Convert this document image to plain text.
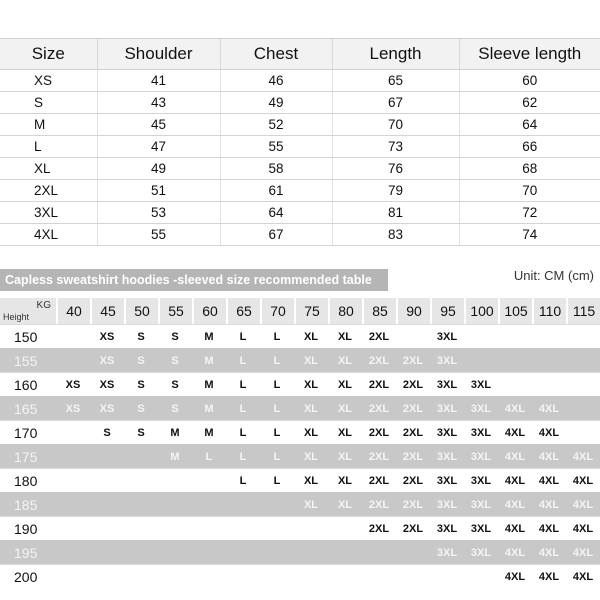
Size	Shoulder	Chest	Length	Sleeve length
XS	41	46	65	60
S	43	49	67	62
M	45	52	70	64
L	47	55	73	66
XL	49	58	76	68
2XL	51	61	79	70
3XL	53	64	81	72
4XL	55	67	83	74
Capless sweatshirt hoodies -sleeved size recommended table	Unit: CM (cm)
KG
Height	40	45	50	55	60	65	70	75	80	85	90	95	100	105	110	115
150		XS	S	S	M	L	L	XL	XL	2XL		3XL				
155		XS	S	S	M	L	L	XL	XL	2XL	2XL	3XL				
160	XS	XS	S	S	M	L	L	XL	XL	2XL	2XL	3XL	3XL			
165	XS	XS	S	S	M	L	L	XL	XL	2XL	2XL	3XL	3XL	4XL	4XL	
170		S	S	M	M	L	L	XL	XL	2XL	2XL	3XL	3XL	4XL	4XL	
175				M	L	L	L	XL	XL	2XL	2XL	3XL	3XL	4XL	4XL	4XL
180						L	L	XL	XL	2XL	2XL	3XL	3XL	4XL	4XL	4XL
185								XL	XL	2XL	2XL	3XL	3XL	4XL	4XL	4XL
190										2XL	2XL	3XL	3XL	4XL	4XL	4XL
195												3XL	3XL	4XL	4XL	4XL
200														4XL	4XL	4XL
